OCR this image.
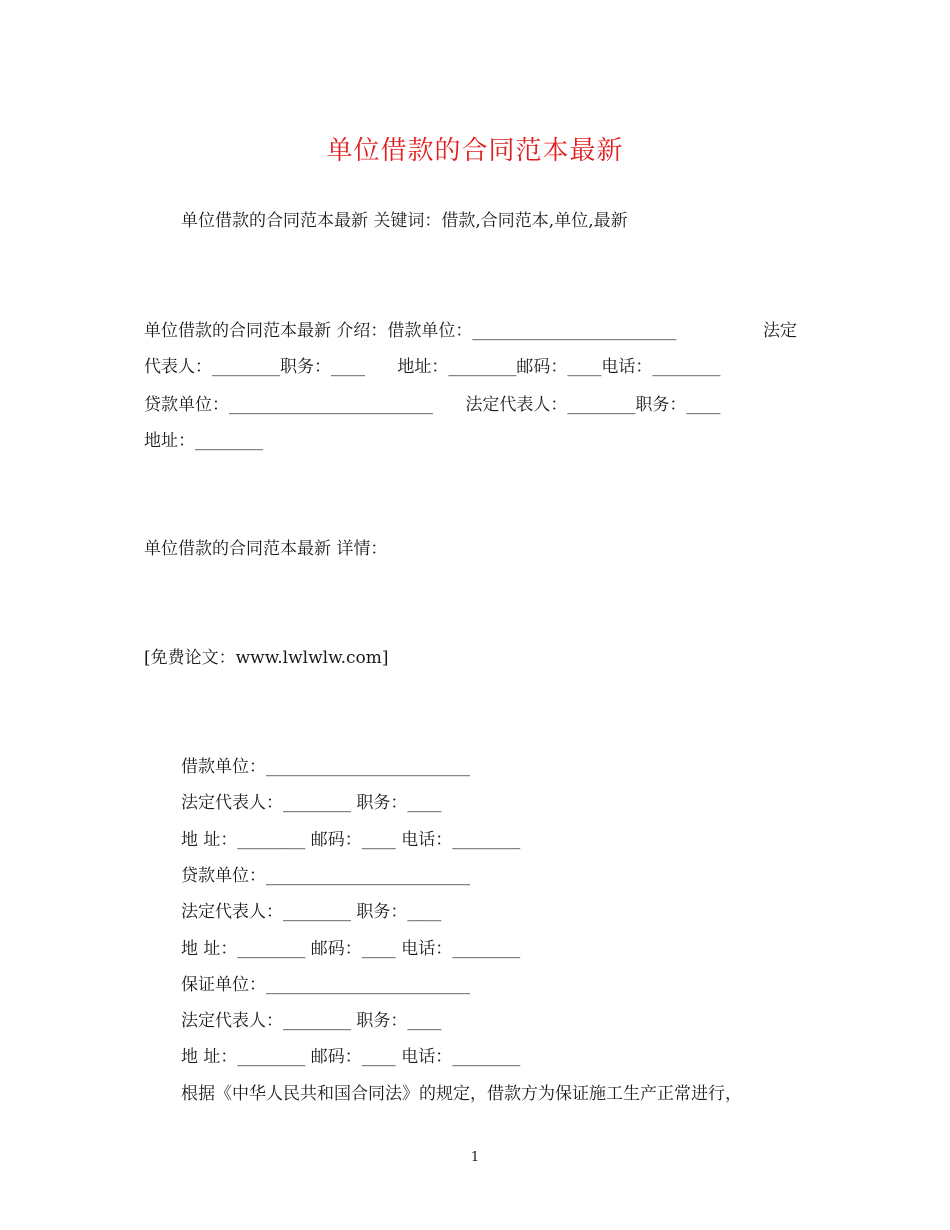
单位借款的合同范本最新
单位借款的合同范本最新 关键词：借款,合同范本,单位,最新
单位借款的合同范本最新 介绍：借款单位：________________________	法定
代表人：________职务：____      地址：________邮码：____电话：________
贷款单位：________________________      法定代表人：________职务：____
地址：________
单位借款的合同范本最新 详情：
[免费论文：www.lwlwlw.com]
借款单位：________________________
法定代表人：________ 职务：____
地 址：________ 邮码：____ 电话：________
贷款单位：________________________
法定代表人：________ 职务：____
地 址：________ 邮码：____ 电话：________
保证单位：________________________
法定代表人：________ 职务：____
地 址：________ 邮码：____ 电话：________
根据《中华人民共和国合同法》的规定，借款方为保证施工生产正常进行，
1
